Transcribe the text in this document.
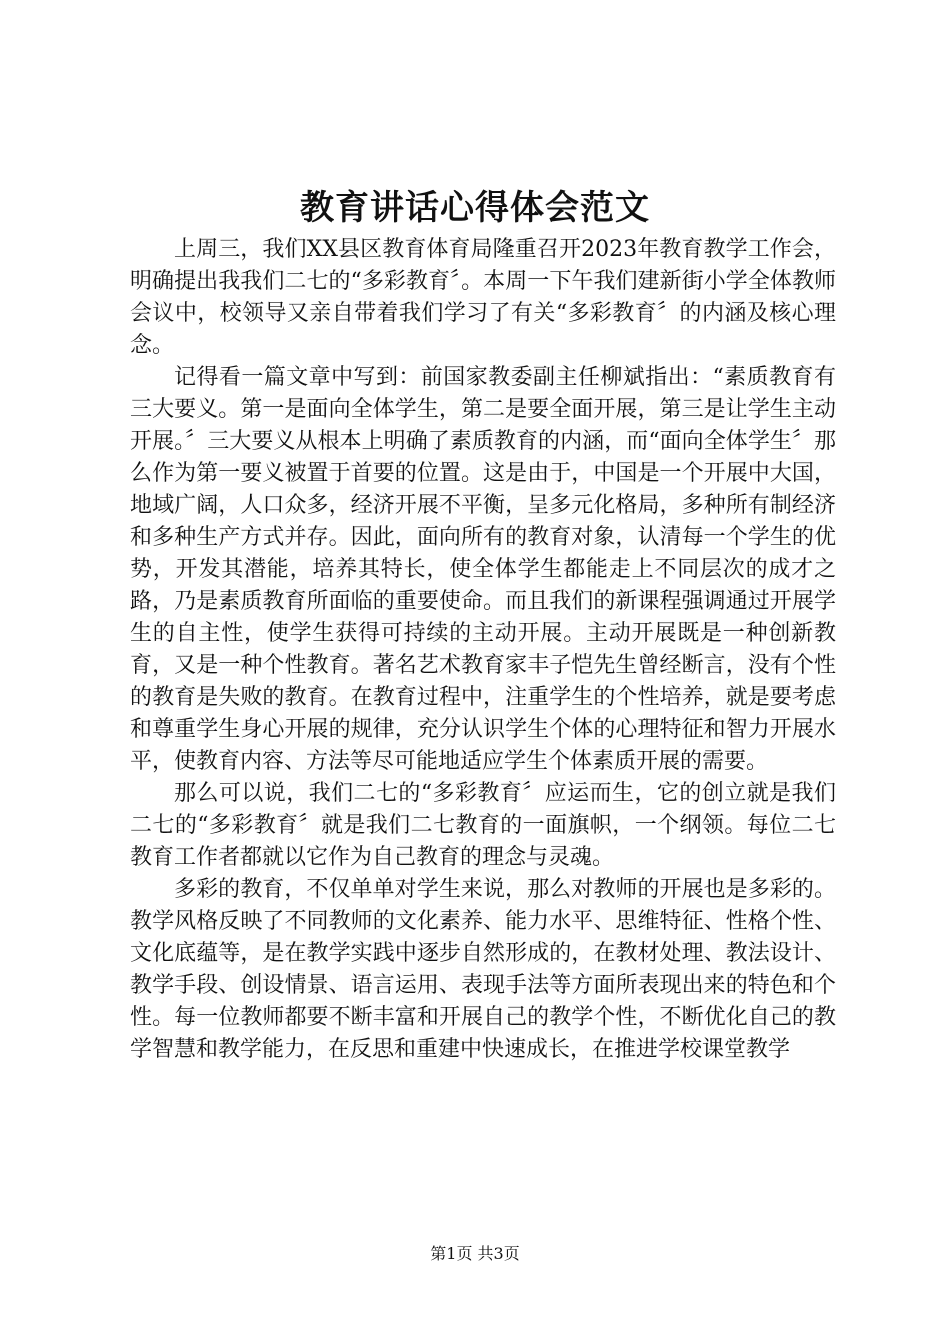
教育讲话心得体会范文

上周三，我们XX县区教育体育局隆重召开2023年教育教学工作会，明确提出我我们二七的“多彩教育〞。本周一下午我们建新街小学全体教师会议中，校领导又亲自带着我们学习了有关“多彩教育〞的内涵及核心理念。

记得看一篇文章中写到：前国家教委副主任柳斌指出：“素质教育有三大要义。第一是面向全体学生，第二是要全面开展，第三是让学生主动开展。〞三大要义从根本上明确了素质教育的内涵，而“面向全体学生〞那么作为第一要义被置于首要的位置。这是由于，中国是一个开展中大国，地域广阔，人口众多，经济开展不平衡，呈多元化格局，多种所有制经济和多种生产方式并存。因此，面向所有的教育对象，认清每一个学生的优势，开发其潜能，培养其特长，使全体学生都能走上不同层次的成才之路，乃是素质教育所面临的重要使命。而且我们的新课程强调通过开展学生的自主性，使学生获得可持续的主动开展。主动开展既是一种创新教育，又是一种个性教育。著名艺术教育家丰子恺先生曾经断言，没有个性的教育是失败的教育。在教育过程中，注重学生的个性培养，就是要考虑和尊重学生身心开展的规律，充分认识学生个体的心理特征和智力开展水平，使教育内容、方法等尽可能地适应学生个体素质开展的需要。

那么可以说，我们二七的“多彩教育〞应运而生，它的创立就是我们二七的“多彩教育〞就是我们二七教育的一面旗帜，一个纲领。每位二七教育工作者都就以它作为自己教育的理念与灵魂。

多彩的教育，不仅单单对学生来说，那么对教师的开展也是多彩的。教学风格反映了不同教师的文化素养、能力水平、思维特征、性格个性、文化底蕴等，是在教学实践中逐步自然形成的，在教材处理、教法设计、教学手段、创设情景、语言运用、表现手法等方面所表现出来的特色和个性。每一位教师都要不断丰富和开展自己的教学个性，不断优化自己的教学智慧和教学能力，在反思和重建中快速成长，在推进学校课堂教学

第1页 共3页
